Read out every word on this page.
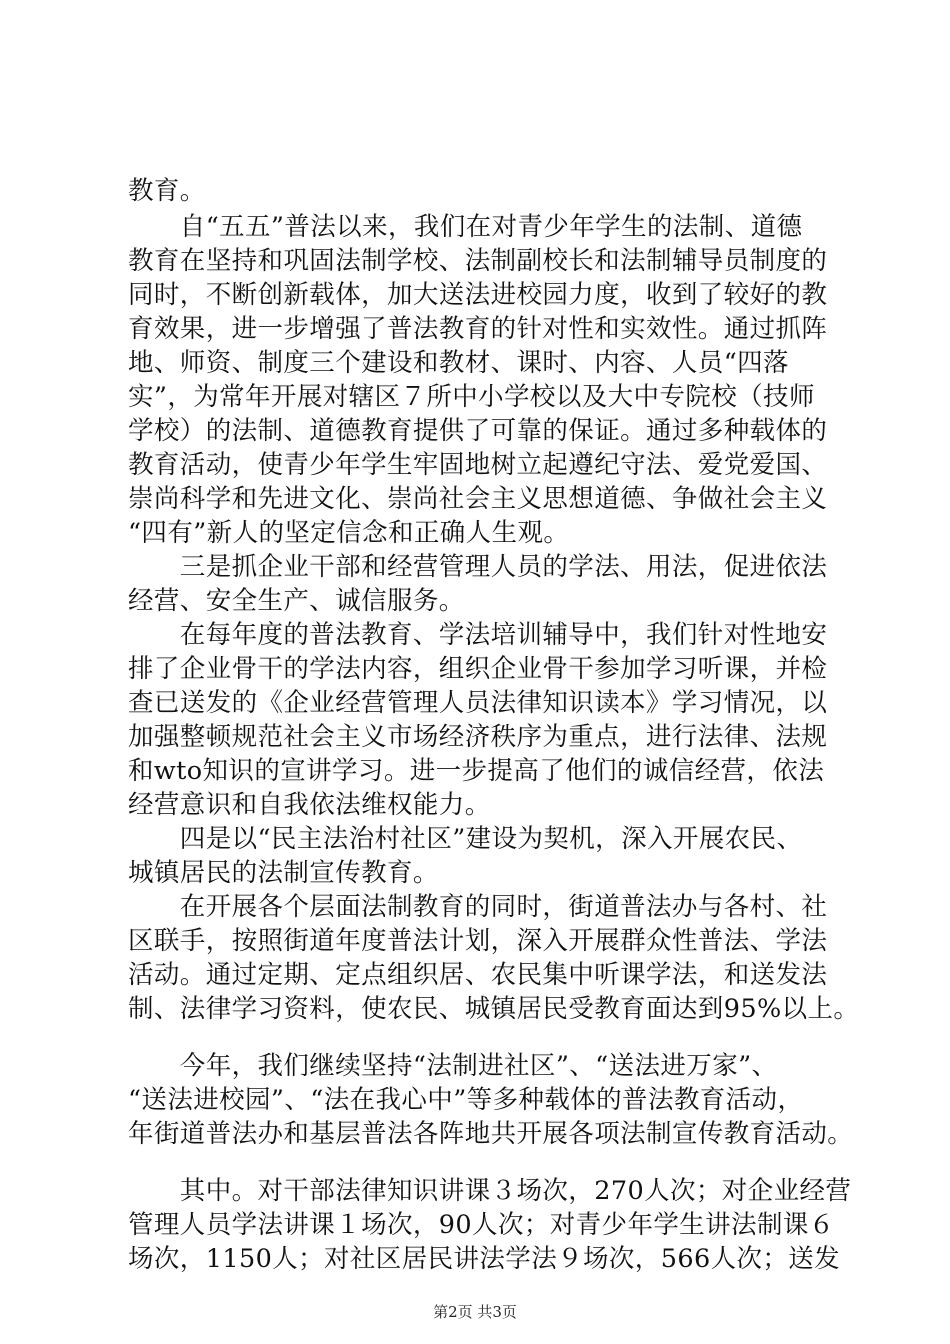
教育。
　　自“五五”普法以来，我们在对青少年学生的法制、道德
教育在坚持和巩固法制学校、法制副校长和法制辅导员制度的
同时，不断创新载体，加大送法进校园力度，收到了较好的教
育效果，进一步增强了普法教育的针对性和实效性。通过抓阵
地、师资、制度三个建设和教材、课时、内容、人员“四落
实”，为常年开展对辖区７所中小学校以及大中专院校（技师
学校）的法制、道德教育提供了可靠的保证。通过多种载体的
教育活动，使青少年学生牢固地树立起遵纪守法、爱党爱国、
崇尚科学和先进文化、崇尚社会主义思想道德、争做社会主义
“四有”新人的坚定信念和正确人生观。
　　三是抓企业干部和经营管理人员的学法、用法，促进依法
经营、安全生产、诚信服务。
　　在每年度的普法教育、学法培训辅导中，我们针对性地安
排了企业骨干的学法内容，组织企业骨干参加学习听课，并检
查已送发的《企业经营管理人员法律知识读本》学习情况，以
加强整顿规范社会主义市场经济秩序为重点，进行法律、法规
和wto知识的宣讲学习。进一步提高了他们的诚信经营，依法
经营意识和自我依法维权能力。
　　四是以“民主法治村社区”建设为契机，深入开展农民、
城镇居民的法制宣传教育。
　　在开展各个层面法制教育的同时，街道普法办与各村、社
区联手，按照街道年度普法计划，深入开展群众性普法、学法
活动。通过定期、定点组织居、农民集中听课学法，和送发法
制、法律学习资料，使农民、城镇居民受教育面达到95%以上。
　　今年，我们继续坚持“法制进社区”、“送法进万家”、
“送法进校园”、“法在我心中”等多种载体的普法教育活动，
年街道普法办和基层普法各阵地共开展各项法制宣传教育活动。
　　其中。对干部法律知识讲课３场次，270人次；对企业经营
管理人员学法讲课１场次，90人次；对青少年学生讲法制课６
场次，1150人；对社区居民讲法学法９场次，566人次；送发
第2页 共3页
